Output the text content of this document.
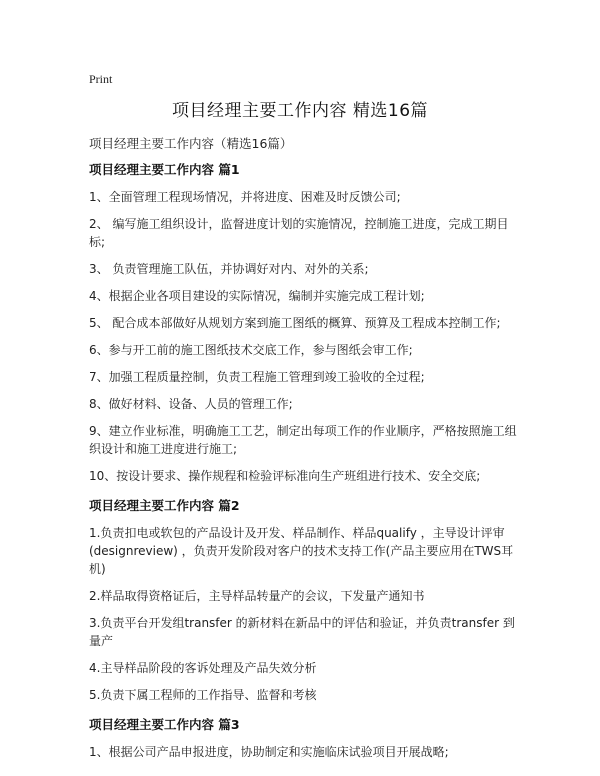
Print
项目经理主要工作内容 精选16篇
项目经理主要工作内容（精选16篇）
项目经理主要工作内容 篇1
1、全面管理工程现场情况，并将进度、困难及时反馈公司;
2、 编写施工组织设计，监督进度计划的实施情况，控制施工进度，完成工期目标;
3、 负责管理施工队伍，并协调好对内、对外的关系;
4、根据企业各项目建设的实际情况，编制并实施完成工程计划;
5、 配合成本部做好从规划方案到施工图纸的概算、预算及工程成本控制工作;
6、参与开工前的施工图纸技术交底工作，参与图纸会审工作;
7、加强工程质量控制，负责工程施工管理到竣工验收的全过程;
8、做好材料、设备、人员的管理工作;
9、建立作业标准，明确施工工艺，制定出每项工作的作业顺序，严格按照施工组织设计和施工进度进行施工;
10、按设计要求、操作规程和检验评标准向生产班组进行技术、安全交底;
项目经理主要工作内容 篇2
1.负责扣电或软包的产品设计及开发、样品制作、样品qualify ，主导设计评审(designreview) ，负责开发阶段对客户的技术支持工作(产品主要应用在TWS耳机)
2.样品取得资格证后，主导样品转量产的会议，下发量产通知书
3.负责平台开发组transfer 的新材料在新品中的评估和验证，并负责transfer 到量产
4.主导样品阶段的客诉处理及产品失效分析
5.负责下属工程师的工作指导、监督和考核
项目经理主要工作内容 篇3
1、根据公司产品申报进度，协助制定和实施临床试验项目开展战略;
